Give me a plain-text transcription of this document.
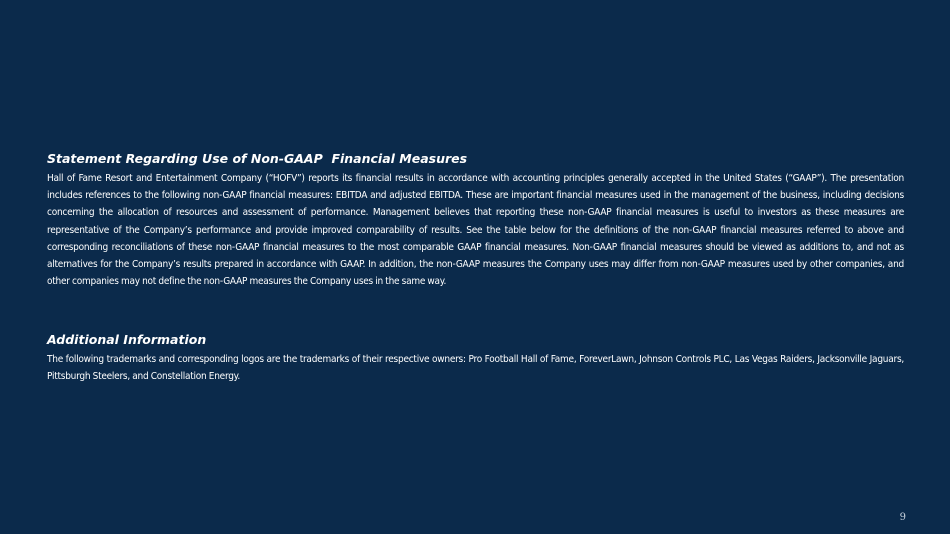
Statement Regarding Use of Non-GAAP  Financial Measures

Hall of Fame Resort and Entertainment Company (“HOFV”) reports its financial results in accordance with accounting principles generally accepted in the United States (“GAAP”). The presentation includes references to the following non-GAAP financial measures: EBITDA and adjusted EBITDA. These are important financial measures used in the management of the business, including decisions concerning the allocation of resources and assessment of performance. Management believes that reporting these non-GAAP financial measures is useful to investors as these measures are representative of the Company’s performance and provide improved comparability of results. See the table below for the definitions of the non-GAAP financial measures referred to above and corresponding reconciliations of these non-GAAP financial measures to the most comparable GAAP financial measures. Non-GAAP financial measures should be viewed as additions to, and not as alternatives for the Company’s results prepared in accordance with GAAP. In addition, the non-GAAP measures the Company uses may differ from non-GAAP measures used by other companies, and other companies may not define the non-GAAP measures the Company uses in the same way.

Additional Information

The following trademarks and corresponding logos are the trademarks of their respective owners: Pro Football Hall of Fame, ForeverLawn, Johnson Controls PLC, Las Vegas Raiders, Jacksonville Jaguars, Pittsburgh Steelers, and Constellation Energy.

9
